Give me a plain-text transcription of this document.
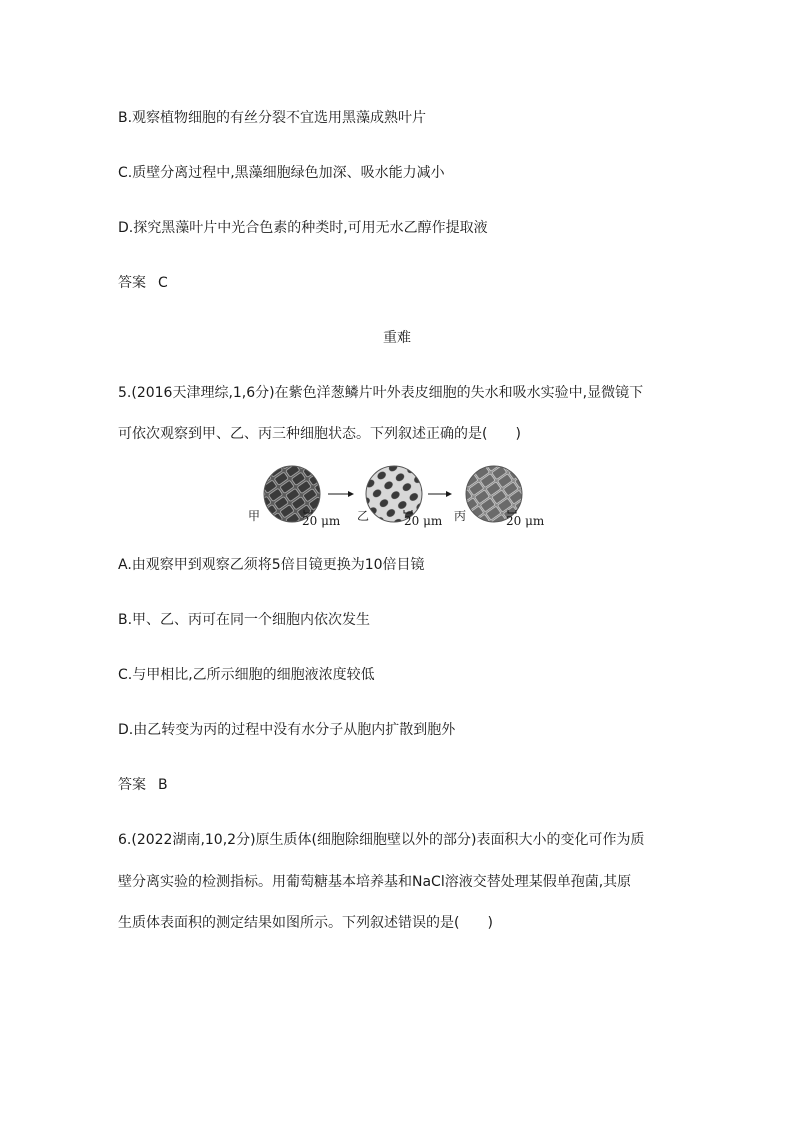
B.观察植物细胞的有丝分裂不宜选用黑藻成熟叶片
C.质壁分离过程中,黑藻细胞绿色加深、吸水能力减小
D.探究黑藻叶片中光合色素的种类时,可用无水乙醇作提取液
答案 C
重难
5.(2016天津理综,1,6分)在紫色洋葱鳞片叶外表皮细胞的失水和吸水实验中,显微镜下
可依次观察到甲、乙、丙三种细胞状态。下列叙述正确的是(　　)
甲	20 μm 乙	20 μm 丙	20 μm
A.由观察甲到观察乙须将5倍目镜更换为10倍目镜
B.甲、乙、丙可在同一个细胞内依次发生
C.与甲相比,乙所示细胞的细胞液浓度较低
D.由乙转变为丙的过程中没有水分子从胞内扩散到胞外
答案 B
6.(2022湖南,10,2分)原生质体(细胞除细胞壁以外的部分)表面积大小的变化可作为质
壁分离实验的检测指标。用葡萄糖基本培养基和NaCl溶液交替处理某假单孢菌,其原
生质体表面积的测定结果如图所示。下列叙述错误的是(　　)
